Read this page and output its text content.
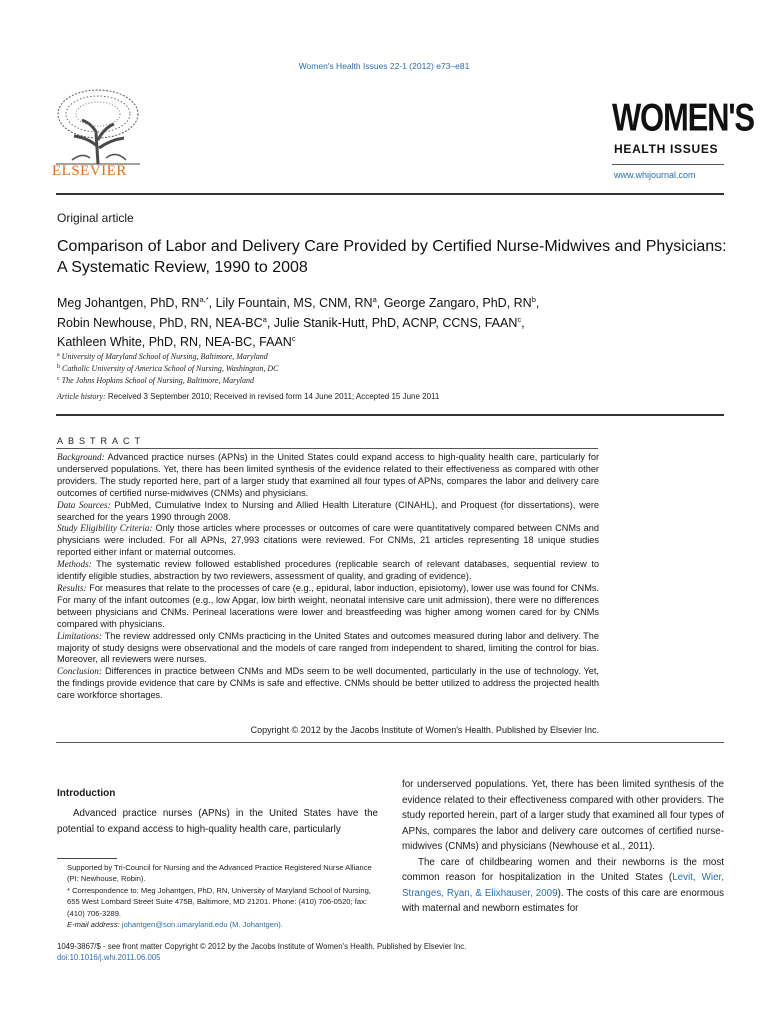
Women's Health Issues 22-1 (2012) e73–e81
ELSEVIER
WOMEN'S
HEALTH ISSUES
www.whijournal.com
Original article
Comparison of Labor and Delivery Care Provided by Certified Nurse-Midwives and Physicians: A Systematic Review, 1990 to 2008
Meg Johantgen, PhD, $RN^{a,*}$, Lily Fountain, MS, CNM, $RN^a$, George Zangaro, PhD, $RN^b$,
Robin Newhouse, PhD, RN, NEA-$BC^a$, Julie Stanik-Hutt, PhD, ACNP, CCNS, FAAN$^c$,
Kathleen White, PhD, RN, NEA-BC, FAAN$^c$
$^a$ University of Maryland School of Nursing, Baltimore, Maryland
$^b$ Catholic University of America School of Nursing, Washington, DC
$^c$ The Johns Hopkins School of Nursing, Baltimore, Maryland
Article history: Received 3 September 2010; Received in revised form 14 June 2011; Accepted 15 June 2011
ABSTRACT

Background: Advanced practice nurses (APNs) in the United States could expand access to high-quality health care, particularly for underserved populations. Yet, there has been limited synthesis of the evidence related to their effectiveness as compared with other providers. The study reported here, part of a larger study that examined all four types of APNs, compares the labor and delivery care outcomes of certified nurse-midwives (CNMs) and physicians.

Data Sources: PubMed, Cumulative Index to Nursing and Allied Health Literature (CINAHL), and Proquest (for dissertations), were searched for the years 1990 through 2008.

Study Eligibility Criteria: Only those articles where processes or outcomes of care were quantitatively compared between CNMs and physicians were included. For all APNs, 27,993 citations were reviewed. For CNMs, 21 articles representing 18 unique studies reported either infant or maternal outcomes.

Methods: The systematic review followed established procedures (replicable search of relevant databases, sequential review to identify eligible studies, abstraction by two reviewers, assessment of quality, and grading of evidence).

Results: For measures that relate to the processes of care (e.g., epidural, labor induction, episiotomy), lower use was found for CNMs. For many of the infant outcomes (e.g., low Apgar, low birth weight, neonatal intensive care unit admission), there were no differences between physicians and CNMs. Perineal lacerations were lower and breastfeeding was higher among women cared for by CNMs compared with physicians.

Limitations: The review addressed only CNMs practicing in the United States and outcomes measured during labor and delivery. The majority of study designs were observational and the models of care ranged from independent to shared, limiting the control for bias. Moreover, all reviewers were nurses.

Conclusion: Differences in practice between CNMs and MDs seem to be well documented, particularly in the use of technology. Yet, the findings provide evidence that care by CNMs is safe and effective. CNMs should be better utilized to address the projected health care workforce shortages.

Copyright © 2012 by the Jacobs Institute of Women's Health. Published by Elsevier Inc.
Introduction

Advanced practice nurses (APNs) in the United States have the potential to expand access to high-quality health care, particularly

for underserved populations. Yet, there has been limited synthesis of the evidence related to their effectiveness compared with other providers. The study reported herein, part of a larger study that examined all four types of APNs, compares the labor and delivery care outcomes of certified nurse-midwives (CNMs) and physicians (Newhouse et al., 2011).

The care of childbearing women and their newborns is the most common reason for hospitalization in the United States (Levit, Wier, Stranges, Ryan, & Elixhauser, 2009). The costs of this care are enormous with maternal and newborn estimates for

Supported by Tri-Council for Nursing and the Advanced Practice Registered Nurse Alliance (PI: Newhouse, Robin).

* Correspondence to: Meg Johantgen, PhD, RN, University of Maryland School of Nursing, 655 West Lombard Street Suite 475B, Baltimore, MD 21201. Phone: (410) 706-0520; fax: (410) 706-3289.

E-mail address: johantgen@son.umaryland.edu (M. Johantgen).

1049-3867/$ - see front matter Copyright © 2012 by the Jacobs Institute of Women's Health. Published by Elsevier Inc.
doi:10.1016/j.whi.2011.06.005
